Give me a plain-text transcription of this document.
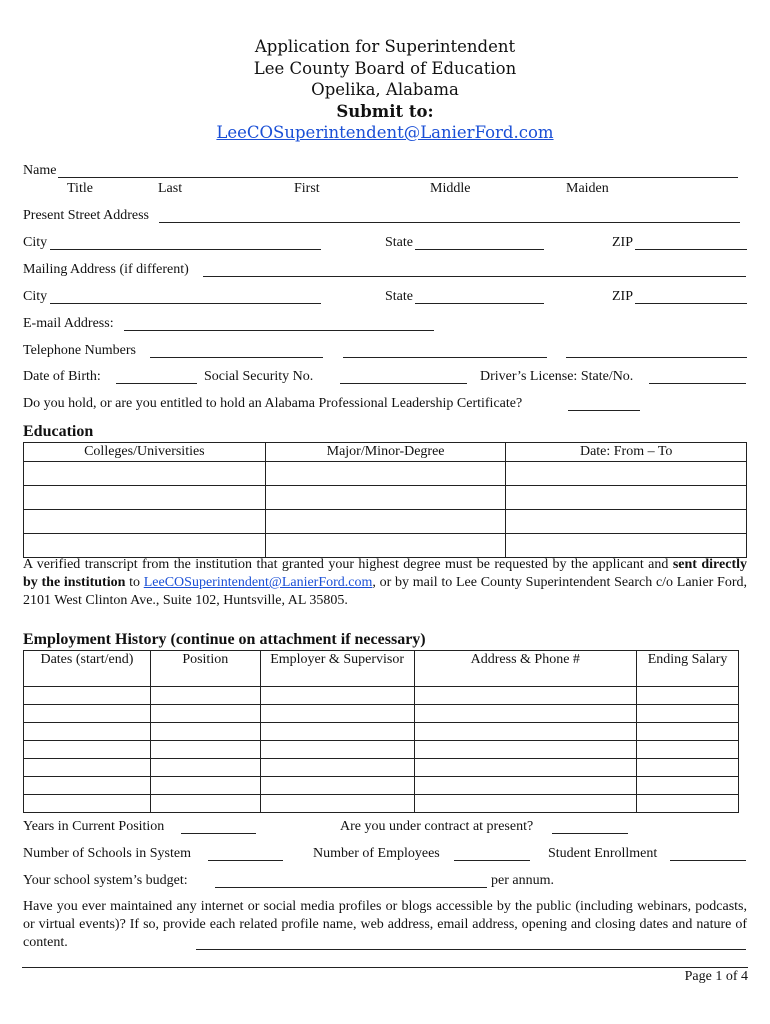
Application for Superintendent
Lee County Board of Education
Opelika, Alabama
Submit to:
LeeCOSuperintendent@LanierFord.com
Name
Title	Last	First	Middle	Maiden
Present Street Address
City	State	ZIP
Mailing Address (if different)
City	State	ZIP
E-mail Address:
Telephone Numbers
Date of Birth:	Social Security No.	Driver’s License: State/No.
Do you hold, or are you entitled to hold an Alabama Professional Leadership Certificate?
Education
Colleges/Universities	Major/Minor-Degree	Date: From – To

A verified transcript from the institution that granted your highest degree must be requested by the applicant and sent directly by the institution to LeeCOSuperintendent@LanierFord.com, or by mail to Lee County Superintendent Search c/o Lanier Ford, 2101 West Clinton Ave., Suite 102, Huntsville, AL 35805.
Employment History (continue on attachment if necessary)
Dates (start/end)	Position	Employer & Supervisor	Address & Phone #	Ending Salary

Years in Current Position	Are you under contract at present?
Number of Schools in System	Number of Employees	Student Enrollment
Your school system’s budget:	per annum.
Have you ever maintained any internet or social media profiles or blogs accessible by the public (including webinars, podcasts, or virtual events)? If so, provide each related profile name, web address, email address, opening and closing dates and nature of content.
Page 1 of 4
